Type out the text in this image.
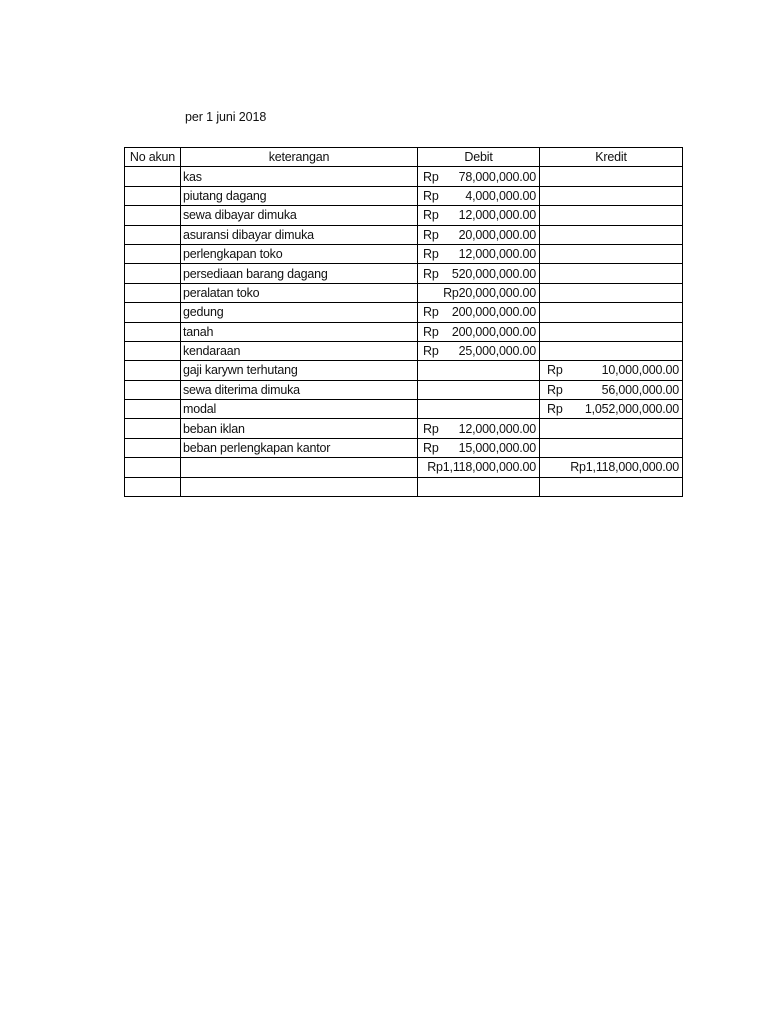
per 1 juni 2018
No akun	keterangan	Debit	Kredit
	kas	Rp 78,000,000.00	

	piutang dagang	Rp 4,000,000.00	

	sewa dibayar dimuka	Rp 12,000,000.00	

	asuransi dibayar dimuka	Rp 20,000,000.00	

	perlengkapan toko	Rp 12,000,000.00	

	persediaan barang dagang	Rp 520,000,000.00	

	peralatan toko	Rp20,000,000.00	

	gedung	Rp 200,000,000.00	

	tanah	Rp 200,000,000.00	

	kendaraan	Rp 25,000,000.00	

	gaji karywn terhutang		Rp 10,000,000.00

	sewa diterima dimuka		Rp 56,000,000.00

	modal		Rp 1,052,000,000.00

	beban iklan	Rp 12,000,000.00	

	beban perlengkapan kantor	Rp 15,000,000.00	

		Rp1,118,000,000.00	Rp1,118,000,000.00
